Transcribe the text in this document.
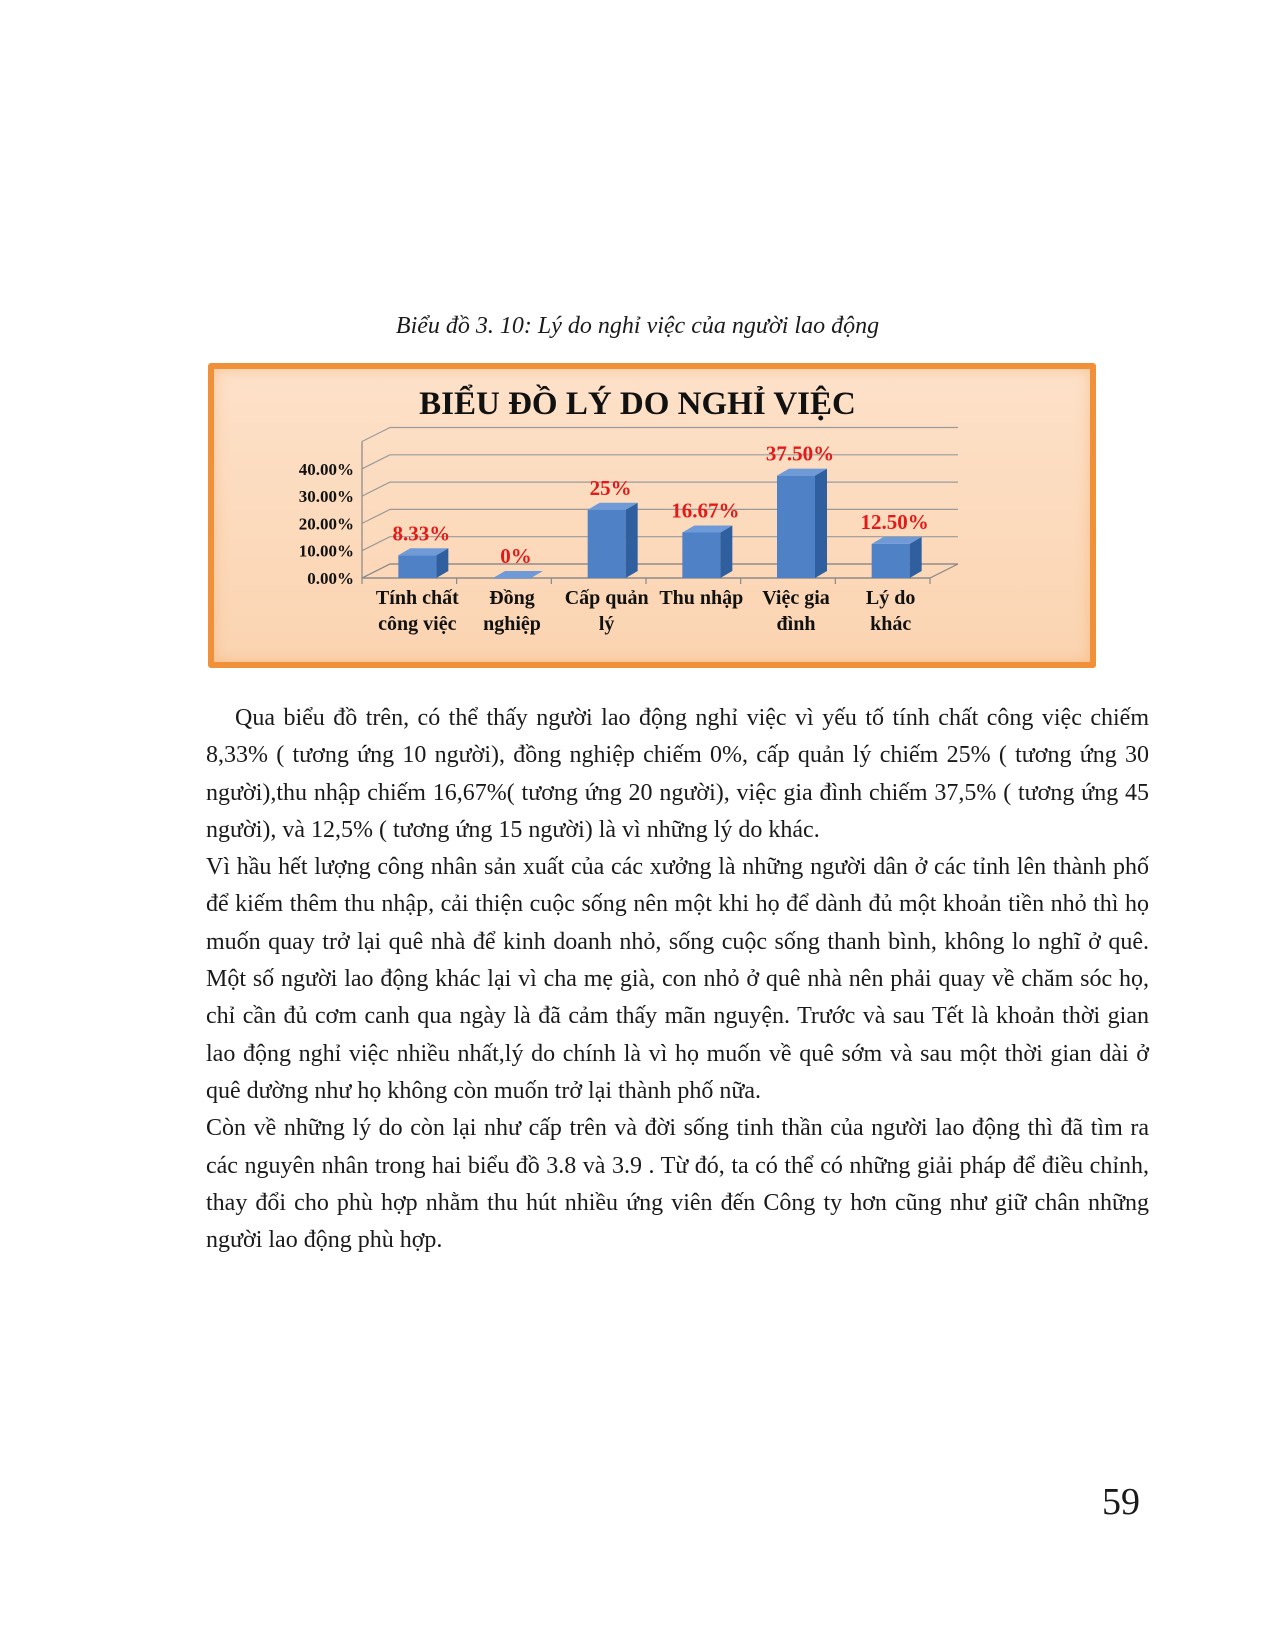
Biểu đồ 3. 10: Lý do nghỉ việc của người lao động
BIỂU ĐỒ LÝ DO NGHỈ VIỆC
0.00%
10.00%
20.00%
30.00%
40.00%
8.33%
0%
25%
16.67%
37.50%
12.50%
Tính chất
công việc
Đồng
nghiệp
Cấp quản
lý
Thu nhập Việc gia
đình
Lý do
khác

Qua biểu đồ trên, có thể thấy người lao động nghỉ việc vì yếu tố tính chất công việc chiếm 8,33% ( tương ứng 10 người), đồng nghiệp chiếm 0%, cấp quản lý chiếm 25% ( tương ứng 30 người),thu nhập chiếm 16,67%( tương ứng 20 người), việc gia đình chiếm 37,5% ( tương ứng 45 người), và 12,5% ( tương ứng 15 người) là vì những lý do khác.

Vì hầu hết lượng công nhân sản xuất của các xưởng là những người dân ở các tỉnh lên thành phố để kiếm thêm thu nhập, cải thiện cuộc sống nên một khi họ để dành đủ một khoản tiền nhỏ thì họ muốn quay trở lại quê nhà để kinh doanh nhỏ, sống cuộc sống thanh bình, không lo nghĩ ở quê. Một số người lao động khác lại vì cha mẹ già, con nhỏ ở quê nhà nên phải quay về chăm sóc họ, chỉ cần đủ cơm canh qua ngày là đã cảm thấy mãn nguyện. Trước và sau Tết là khoản thời gian lao động nghỉ việc nhiều nhất,lý do chính là vì họ muốn về quê sớm và sau một thời gian dài ở quê dường như họ không còn muốn trở lại thành phố nữa.

Còn về những lý do còn lại như cấp trên và đời sống tinh thần của người lao động thì đã tìm ra các nguyên nhân trong hai biểu đồ 3.8 và 3.9 . Từ đó, ta có thể có những giải pháp để điều chỉnh, thay đổi cho phù hợp nhằm thu hút nhiều ứng viên đến Công ty hơn cũng như giữ chân những người lao động phù hợp.

59
